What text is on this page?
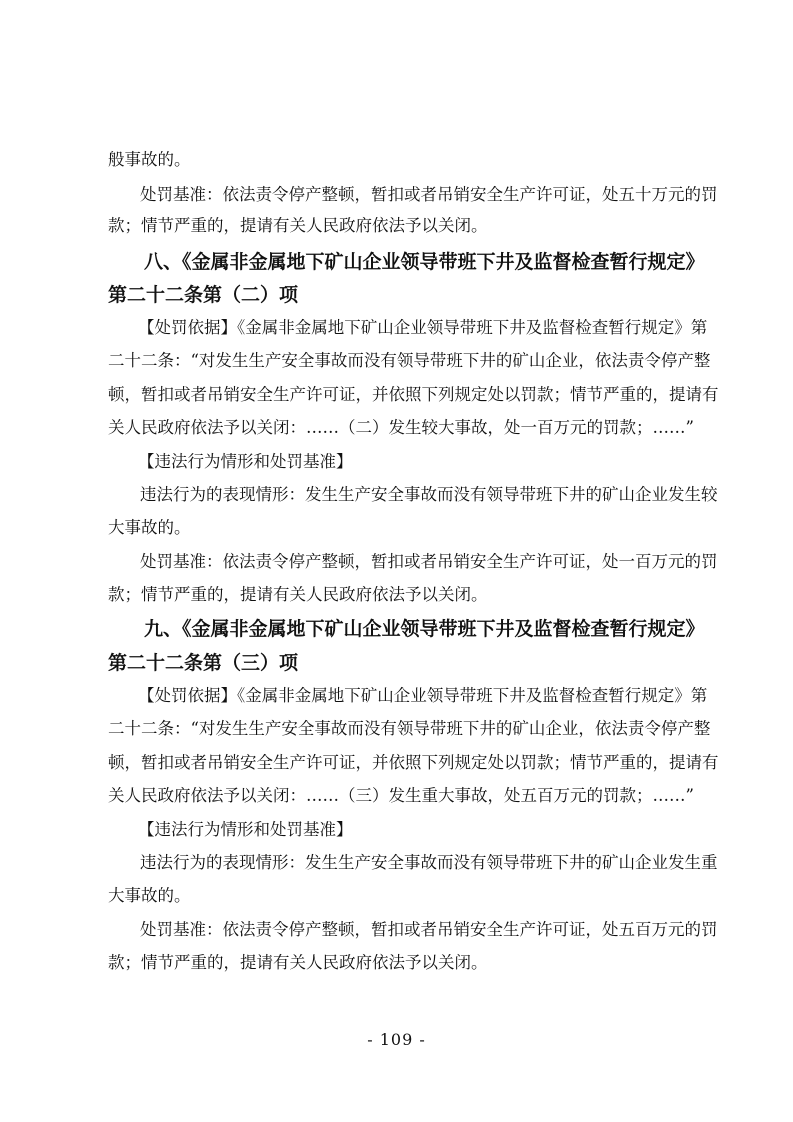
般事故的。
处罚基准：依法责令停产整顿，暂扣或者吊销安全生产许可证，处五十万元的罚
款；情节严重的，提请有关人民政府依法予以关闭。
八、《金属非金属地下矿山企业领导带班下井及监督检查暂行规定》
第二十二条第（二）项
【处罚依据】《金属非金属地下矿山企业领导带班下井及监督检查暂行规定》第
二十二条：“对发生生产安全事故而没有领导带班下井的矿山企业，依法责令停产整
顿，暂扣或者吊销安全生产许可证，并依照下列规定处以罚款；情节严重的，提请有
关人民政府依法予以关闭：……（二）发生较大事故，处一百万元的罚款；……”
【违法行为情形和处罚基准】
违法行为的表现情形：发生生产安全事故而没有领导带班下井的矿山企业发生较
大事故的。
处罚基准：依法责令停产整顿，暂扣或者吊销安全生产许可证，处一百万元的罚
款；情节严重的，提请有关人民政府依法予以关闭。
九、《金属非金属地下矿山企业领导带班下井及监督检查暂行规定》
第二十二条第（三）项
【处罚依据】《金属非金属地下矿山企业领导带班下井及监督检查暂行规定》第
二十二条：“对发生生产安全事故而没有领导带班下井的矿山企业，依法责令停产整
顿，暂扣或者吊销安全生产许可证，并依照下列规定处以罚款；情节严重的，提请有
关人民政府依法予以关闭：……（三）发生重大事故，处五百万元的罚款；……”
【违法行为情形和处罚基准】
违法行为的表现情形：发生生产安全事故而没有领导带班下井的矿山企业发生重
大事故的。
处罚基准：依法责令停产整顿，暂扣或者吊销安全生产许可证，处五百万元的罚
款；情节严重的，提请有关人民政府依法予以关闭。
- 109 -
